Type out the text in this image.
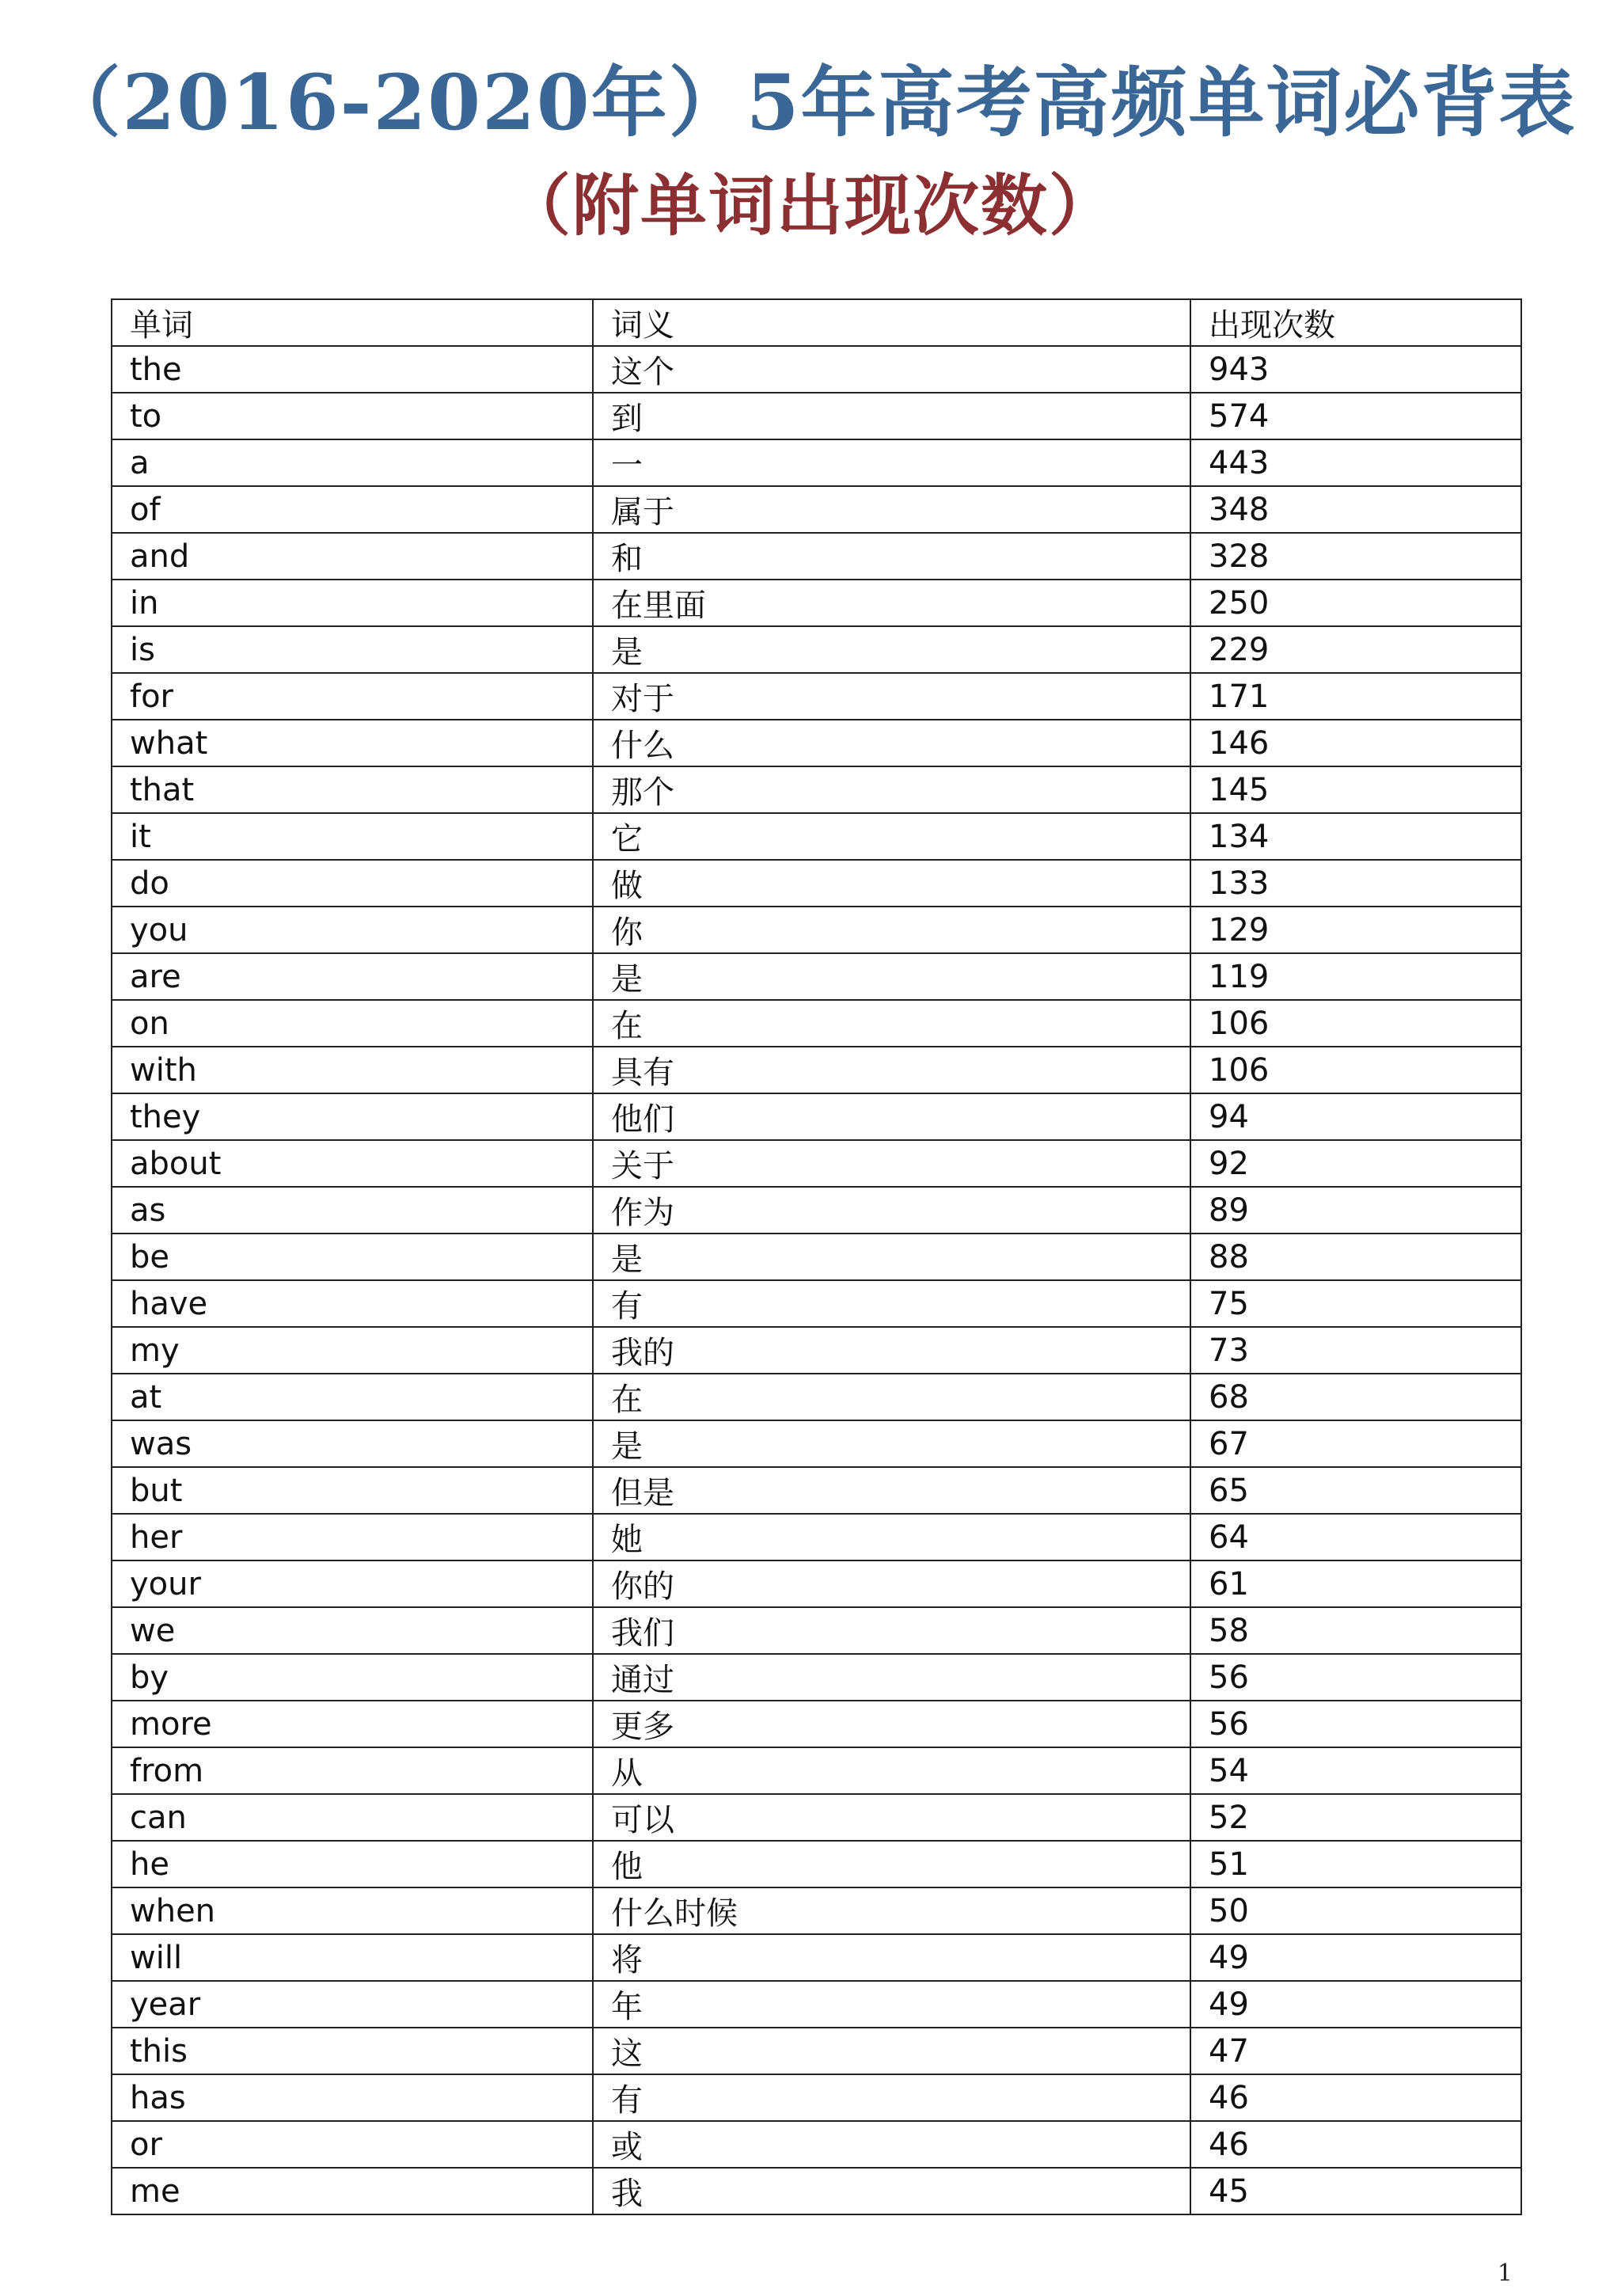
（2016-2020年）5年高考高频单词必背表
（附单词出现次数）
单词	词义	出现次数
the	这个	943
to	到	574
a	一	443
of	属于	348
and	和	328
in	在里面	250
is	是	229
for	对于	171
what	什么	146
that	那个	145
it	它	134
do	做	133
you	你	129
are	是	119
on	在	106
with	具有	106
they	他们	94
about	关于	92
as	作为	89
be	是	88
have	有	75
my	我的	73
at	在	68
was	是	67
but	但是	65
her	她	64
your	你的	61
we	我们	58
by	通过	56
more	更多	56
from	从	54
can	可以	52
he	他	51
when	什么时候	50
will	将	49
year	年	49
this	这	47
has	有	46
or	或	46
me	我	45
1
